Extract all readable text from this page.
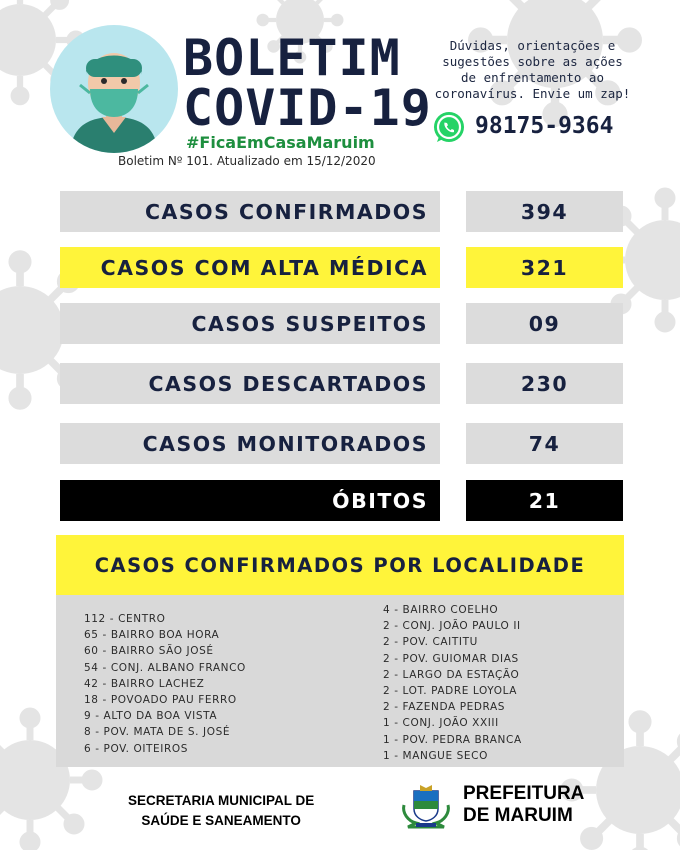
BOLETIM
COVID-19
#FicaEmCasaMaruim
Boletim Nº 101. Atualizado em 15/12/2020
Dúvidas, orientações e
sugestões sobre as ações
de enfrentamento ao
coronavírus. Envie um zap!
98175-9364
CASOS CONFIRMADOS	394
CASOS COM ALTA MÉDICA	321
CASOS SUSPEITOS	09
CASOS DESCARTADOS	230
CASOS MONITORADOS	74
ÓBITOS	21
CASOS CONFIRMADOS POR LOCALIDADE
112 - CENTRO
65 - BAIRRO BOA HORA
60 - BAIRRO SÃO JOSÉ
54 - CONJ. ALBANO FRANCO
42 - BAIRRO LACHEZ
18 - POVOADO PAU FERRO
9 - ALTO DA BOA VISTA
8 - POV. MATA DE S. JOSÉ
6 - POV. OITEIROS
4 - BAIRRO COELHO
2 - CONJ. JOÃO PAULO II
2 - POV. CAITITU
2 - POV. GUIOMAR DIAS
2 - LARGO DA ESTAÇÃO
2 - LOT. PADRE LOYOLA
2 - FAZENDA PEDRAS
1 - CONJ. JOÃO XXIII
1 - POV. PEDRA BRANCA
1 - MANGUE SECO
SECRETARIA MUNICIPAL DE
SAÚDE E SANEAMENTO
PREFEITURA
DE MARUIM
